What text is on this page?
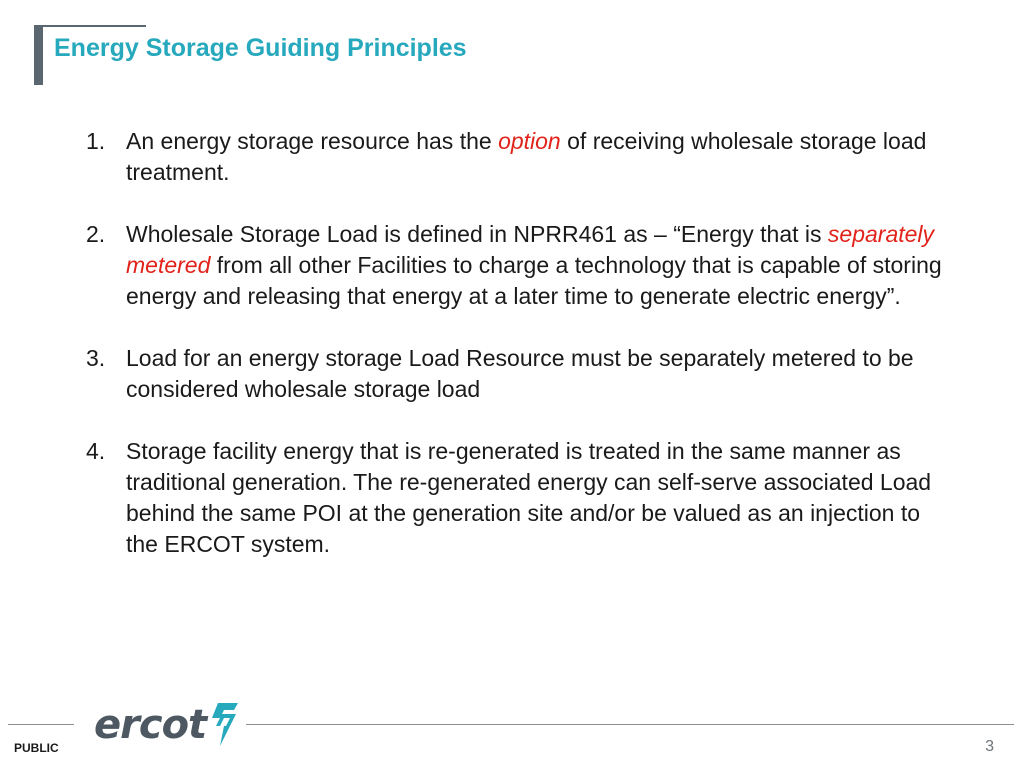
Energy Storage Guiding Principles
1. An energy storage resource has the option of receiving wholesale storage load treatment.
2. Wholesale Storage Load is defined in NPRR461 as – “Energy that is separately metered from all other Facilities to charge a technology that is capable of storing energy and releasing that energy at a later time to generate electric energy”.
3. Load for an energy storage Load Resource must be separately metered to be considered wholesale storage load
4. Storage facility energy that is re-generated is treated in the same manner as traditional generation. The re-generated energy can self-serve associated Load behind the same POI at the generation site and/or be valued as an injection to the ERCOT system.
ercot
PUBLIC	3
